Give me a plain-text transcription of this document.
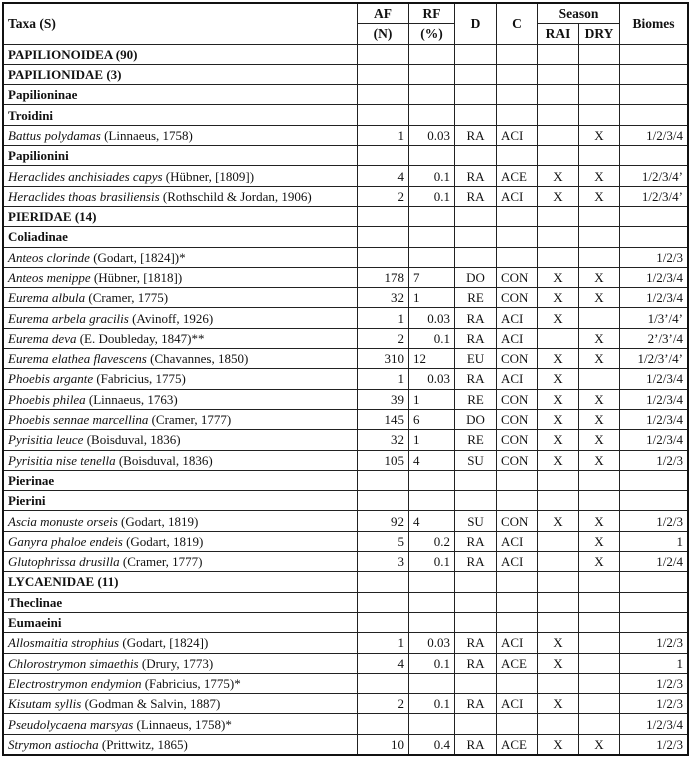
Taxa (S)	AF	RF	D	C	Season		Biomes
	(N)	(%)			RAI	DRY	
PAPILIONOIDEA (90)							
PAPILIONIDAE (3)							
Papilioninae							
Troidini							
Battus polydamas (Linnaeus, 1758)	1	0.03	RA	ACI		X	1/2/3/4
Papilionini							
Heraclides anchisiades capys (Hübner, [1809])	4	0.1	RA	ACE	X	X	1/2/3/4’
Heraclides thoas brasiliensis (Rothschild & Jordan, 1906)	2	0.1	RA	ACI	X	X	1/2/3/4’
PIERIDAE (14)							
Coliadinae							
Anteos clorinde (Godart, [1824])*							1/2/3
Anteos menippe (Hübner, [1818])	178	7	DO	CON	X	X	1/2/3/4
Eurema albula (Cramer, 1775)	32	1	RE	CON	X	X	1/2/3/4
Eurema arbela gracilis (Avinoff, 1926)	1	0.03	RA	ACI	X		1/3’/4’
Eurema deva (E. Doubleday, 1847)**	2	0.1	RA	ACI		X	2’/3’/4
Eurema elathea flavescens (Chavannes, 1850)	310	12	EU	CON	X	X	1/2/3’/4’
Phoebis argante (Fabricius, 1775)	1	0.03	RA	ACI	X		1/2/3/4
Phoebis philea (Linnaeus, 1763)	39	1	RE	CON	X	X	1/2/3/4
Phoebis sennae marcellina (Cramer, 1777)	145	6	DO	CON	X	X	1/2/3/4
Pyrisitia leuce (Boisduval, 1836)	32	1	RE	CON	X	X	1/2/3/4
Pyrisitia nise tenella (Boisduval, 1836)	105	4	SU	CON	X	X	1/2/3
Pierinae							
Pierini							
Ascia monuste orseis (Godart, 1819)	92	4	SU	CON	X	X	1/2/3
Ganyra phaloe endeis (Godart, 1819)	5	0.2	RA	ACI		X	1
Glutophrissa drusilla (Cramer, 1777)	3	0.1	RA	ACI		X	1/2/4
LYCAENIDAE (11)							
Theclinae							
Eumaeini							
Allosmaitia strophius (Godart, [1824])	1	0.03	RA	ACI	X		1/2/3
Chlorostrymon simaethis (Drury, 1773)	4	0.1	RA	ACE	X		1
Electrostrymon endymion (Fabricius, 1775)*							1/2/3
Kisutam syllis (Godman & Salvin, 1887)	2	0.1	RA	ACI	X		1/2/3
Pseudolycaena marsyas (Linnaeus, 1758)*							1/2/3/4
Strymon astiocha (Prittwitz, 1865)	10	0.4	RA	ACE	X	X	1/2/3
